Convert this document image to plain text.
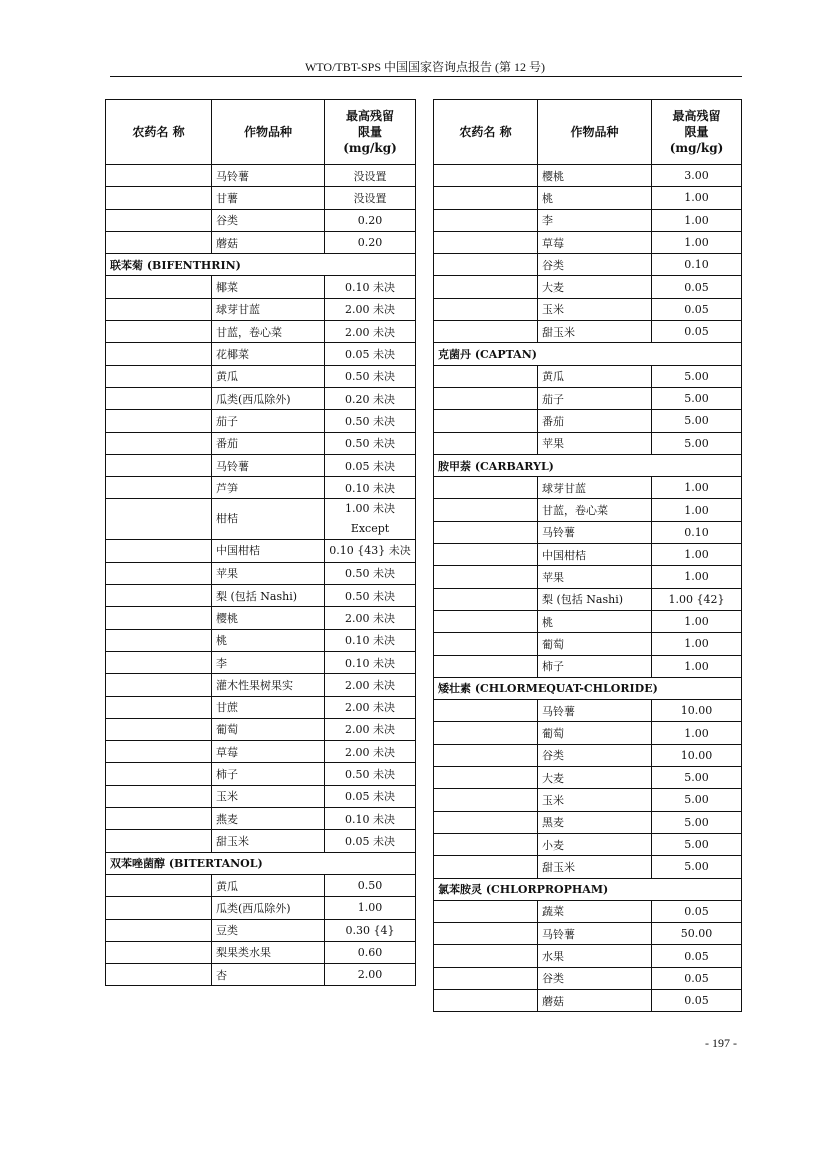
WTO/TBT-SPS 中国国家咨询点报告 (第 12 号)
农药名 称	作物品种	最高残留
限量
(mg/kg)

	马铃薯	没设置
	甘薯	没设置
	谷类	0.20
	蘑菇	0.20
联苯菊 (BIFENTHRIN)		
	椰菜	0.10 未决
	球芽甘蓝	2.00 未决
	甘蓝，卷心菜	2.00 未决
	花椰菜	0.05 未决
	黄瓜	0.50 未决
	瓜类(西瓜除外)	0.20 未决
	茄子	0.50 未决
	番茄	0.50 未决
	马铃薯	0.05 未决
	芦笋	0.10 未决
	柑桔	1.00 未决 Except
	中国柑桔	0.10 {43} 未决
	苹果	0.50 未决
	梨 (包括 Nashi)	0.50 未决
	樱桃	2.00 未决
	桃	0.10 未决
	李	0.10 未决
	灌木性果树果实	2.00 未决
	甘蔗	2.00 未决
	葡萄	2.00 未决
	草莓	2.00 未决
	柿子	0.50 未决
	玉米	0.05 未决
	燕麦	0.10 未决
	甜玉米	0.05 未决
双苯唑菌醇 (BITERTANOL)		
	黄瓜	0.50
	瓜类(西瓜除外)	1.00
	豆类	0.30 {4}
	梨果类水果	0.60
	杏	2.00
农药名 称	作物品种	最高残留
限量
(mg/kg)

	樱桃	3.00
	桃	1.00
	李	1.00
	草莓	1.00
	谷类	0.10
	大麦	0.05
	玉米	0.05
	甜玉米	0.05
克菌丹 (CAPTAN)		
	黄瓜	5.00
	茄子	5.00
	番茄	5.00
	苹果	5.00
胺甲萘 (CARBARYL)		
	球芽甘蓝	1.00
	甘蓝，卷心菜	1.00
	马铃薯	0.10
	中国柑桔	1.00
	苹果	1.00
	梨 (包括 Nashi)	1.00 {42}
	桃	1.00
	葡萄	1.00
	柿子	1.00
矮壮素 (CHLORMEQUAT-CHLORIDE)		
	马铃薯	10.00
	葡萄	1.00
	谷类	10.00
	大麦	5.00
	玉米	5.00
	黑麦	5.00
	小麦	5.00
	甜玉米	5.00
氯苯胺灵 (CHLORPROPHAM)		
	蔬菜	0.05
	马铃薯	50.00
	水果	0.05
	谷类	0.05
	蘑菇	0.05
- 197 -
